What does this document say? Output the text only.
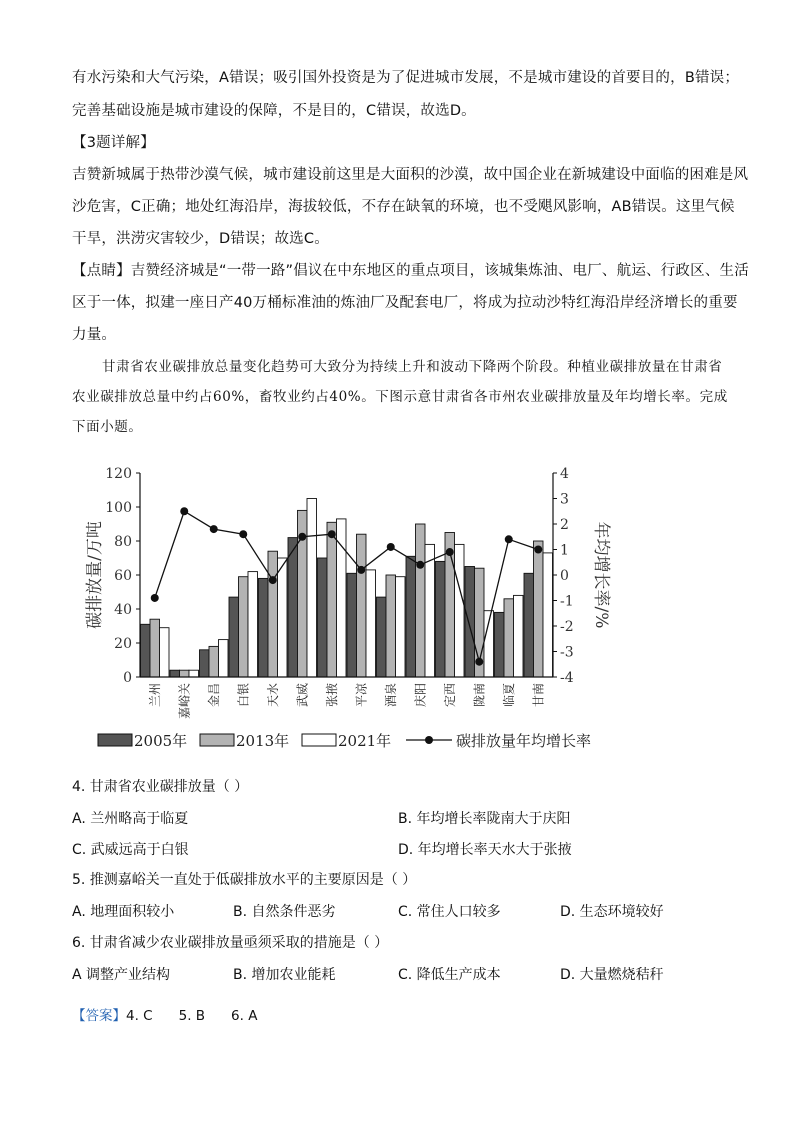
有水污染和大气污染，A错误；吸引国外投资是为了促进城市发展，不是城市建设的首要目的，B错误；
完善基础设施是城市建设的保障，不是目的，C错误，故选D。
【3题详解】
吉赞新城属于热带沙漠气候，城市建设前这里是大面积的沙漠，故中国企业在新城建设中面临的困难是风
沙危害，C正确；地处红海沿岸，海拔较低，不存在缺氧的环境，也不受飓风影响，AB错误。这里气候
干旱，洪涝灾害较少，D错误；故选C。
【点睛】吉赞经济城是“一带一路”倡议在中东地区的重点项目，该城集炼油、电厂、航运、行政区、生活
区于一体，拟建一座日产40万桶标准油的炼油厂及配套电厂，将成为拉动沙特红海沿岸经济增长的重要
力量。
甘肃省农业碳排放总量变化趋势可大致分为持续上升和波动下降两个阶段。种植业碳排放量在甘肃省
农业碳排放总量中约占60%，畜牧业约占40%。下图示意甘肃省各市州农业碳排放量及年均增长率。完成
下面小题。
0
20
40
60
80
100
120
-4
-3
-2
-1
0
1
2
3
4
兰州 嘉峪关 金昌 白银 天水 武威 张掖 平凉 酒泉 庆阳 定西 陇南 临夏 甘南
碳排放量/万吨	年均增长率/%
2005年	2013年	2021年	碳排放量年均增长率
4. 甘肃省农业碳排放量（ ）
A. 兰州略高于临夏	B. 年均增长率陇南大于庆阳
C. 武威远高于白银	D. 年均增长率天水大于张掖
5. 推测嘉峪关一直处于低碳排放水平的主要原因是（ ）
A. 地理面积较小	B. 自然条件恶劣	C. 常住人口较多	D. 生态环境较好
6. 甘肃省减少农业碳排放量亟须采取的措施是（ ）
A 调整产业结构	B. 增加农业能耗	C. 降低生产成本	D. 大量燃烧秸秆
【答案】4. C 5. B 6. A
